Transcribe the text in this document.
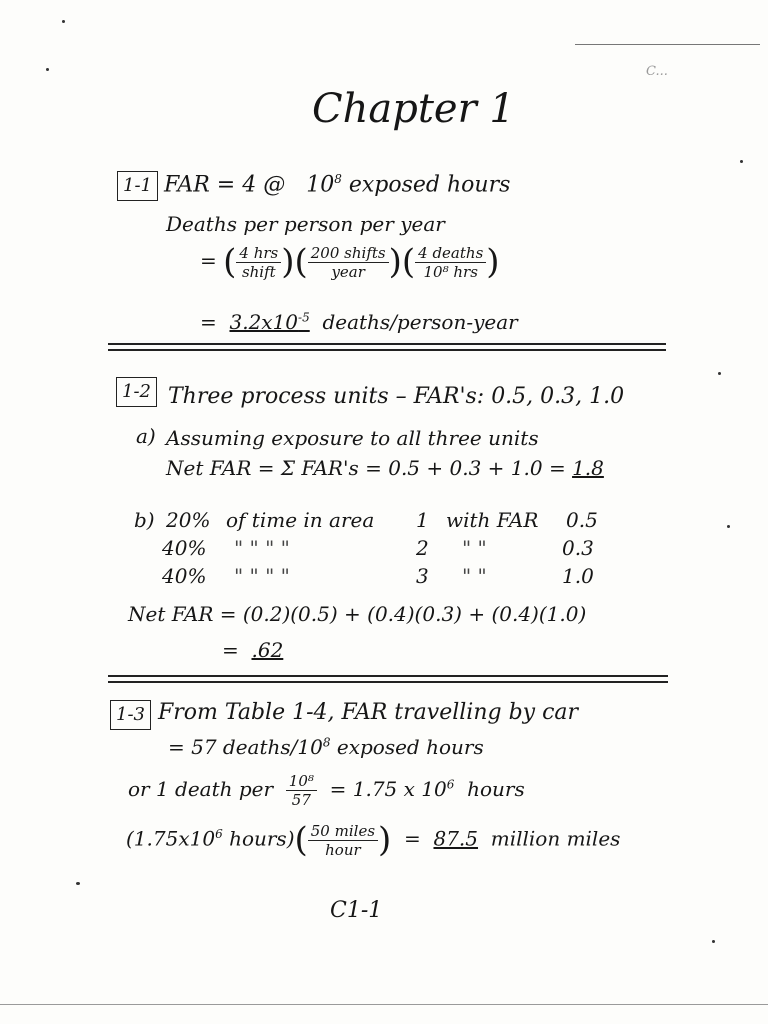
C...
Chapter 1
1-1 FAR = 4 @ $10^8$ exposed hours
Deaths per person per year
= ( $\frac{\text{4 hrs}}{\text{shift}}$ )( $\frac{\text{200 shifts}}{\text{year}}$ )( $\frac{\text{4 deaths}}{\text{10⁸ hrs}}$ )
= $3.2x10^{-5}$ deaths/person-year
1-2 Three process units – FAR's: 0.5, 0.3, 1.0
a) Assuming exposure to all three units
Net FAR = Σ FAR's = 0.5 + 0.3 + 1.0 = 1.8
b) 20% of time in area 1 with FAR 0.5
40% " " " "	2 " "	0.3
40% " " " "	3 " "	1.0
Net FAR = (0.2)(0.5) + (0.4)(0.3) + (0.4)(1.0)
= .62
1-3 From Table 1-4, FAR travelling by car
= 57 deaths/$10^8$ exposed hours
or 1 death per $\frac{\text{10⁸}}{57} = 1.75$ x $10^6$ hours
($1.75x10^6$ hours)( $\frac{\text{50 miles}}{\text{hour}}$ ) = 87.5 million miles
C1-1
